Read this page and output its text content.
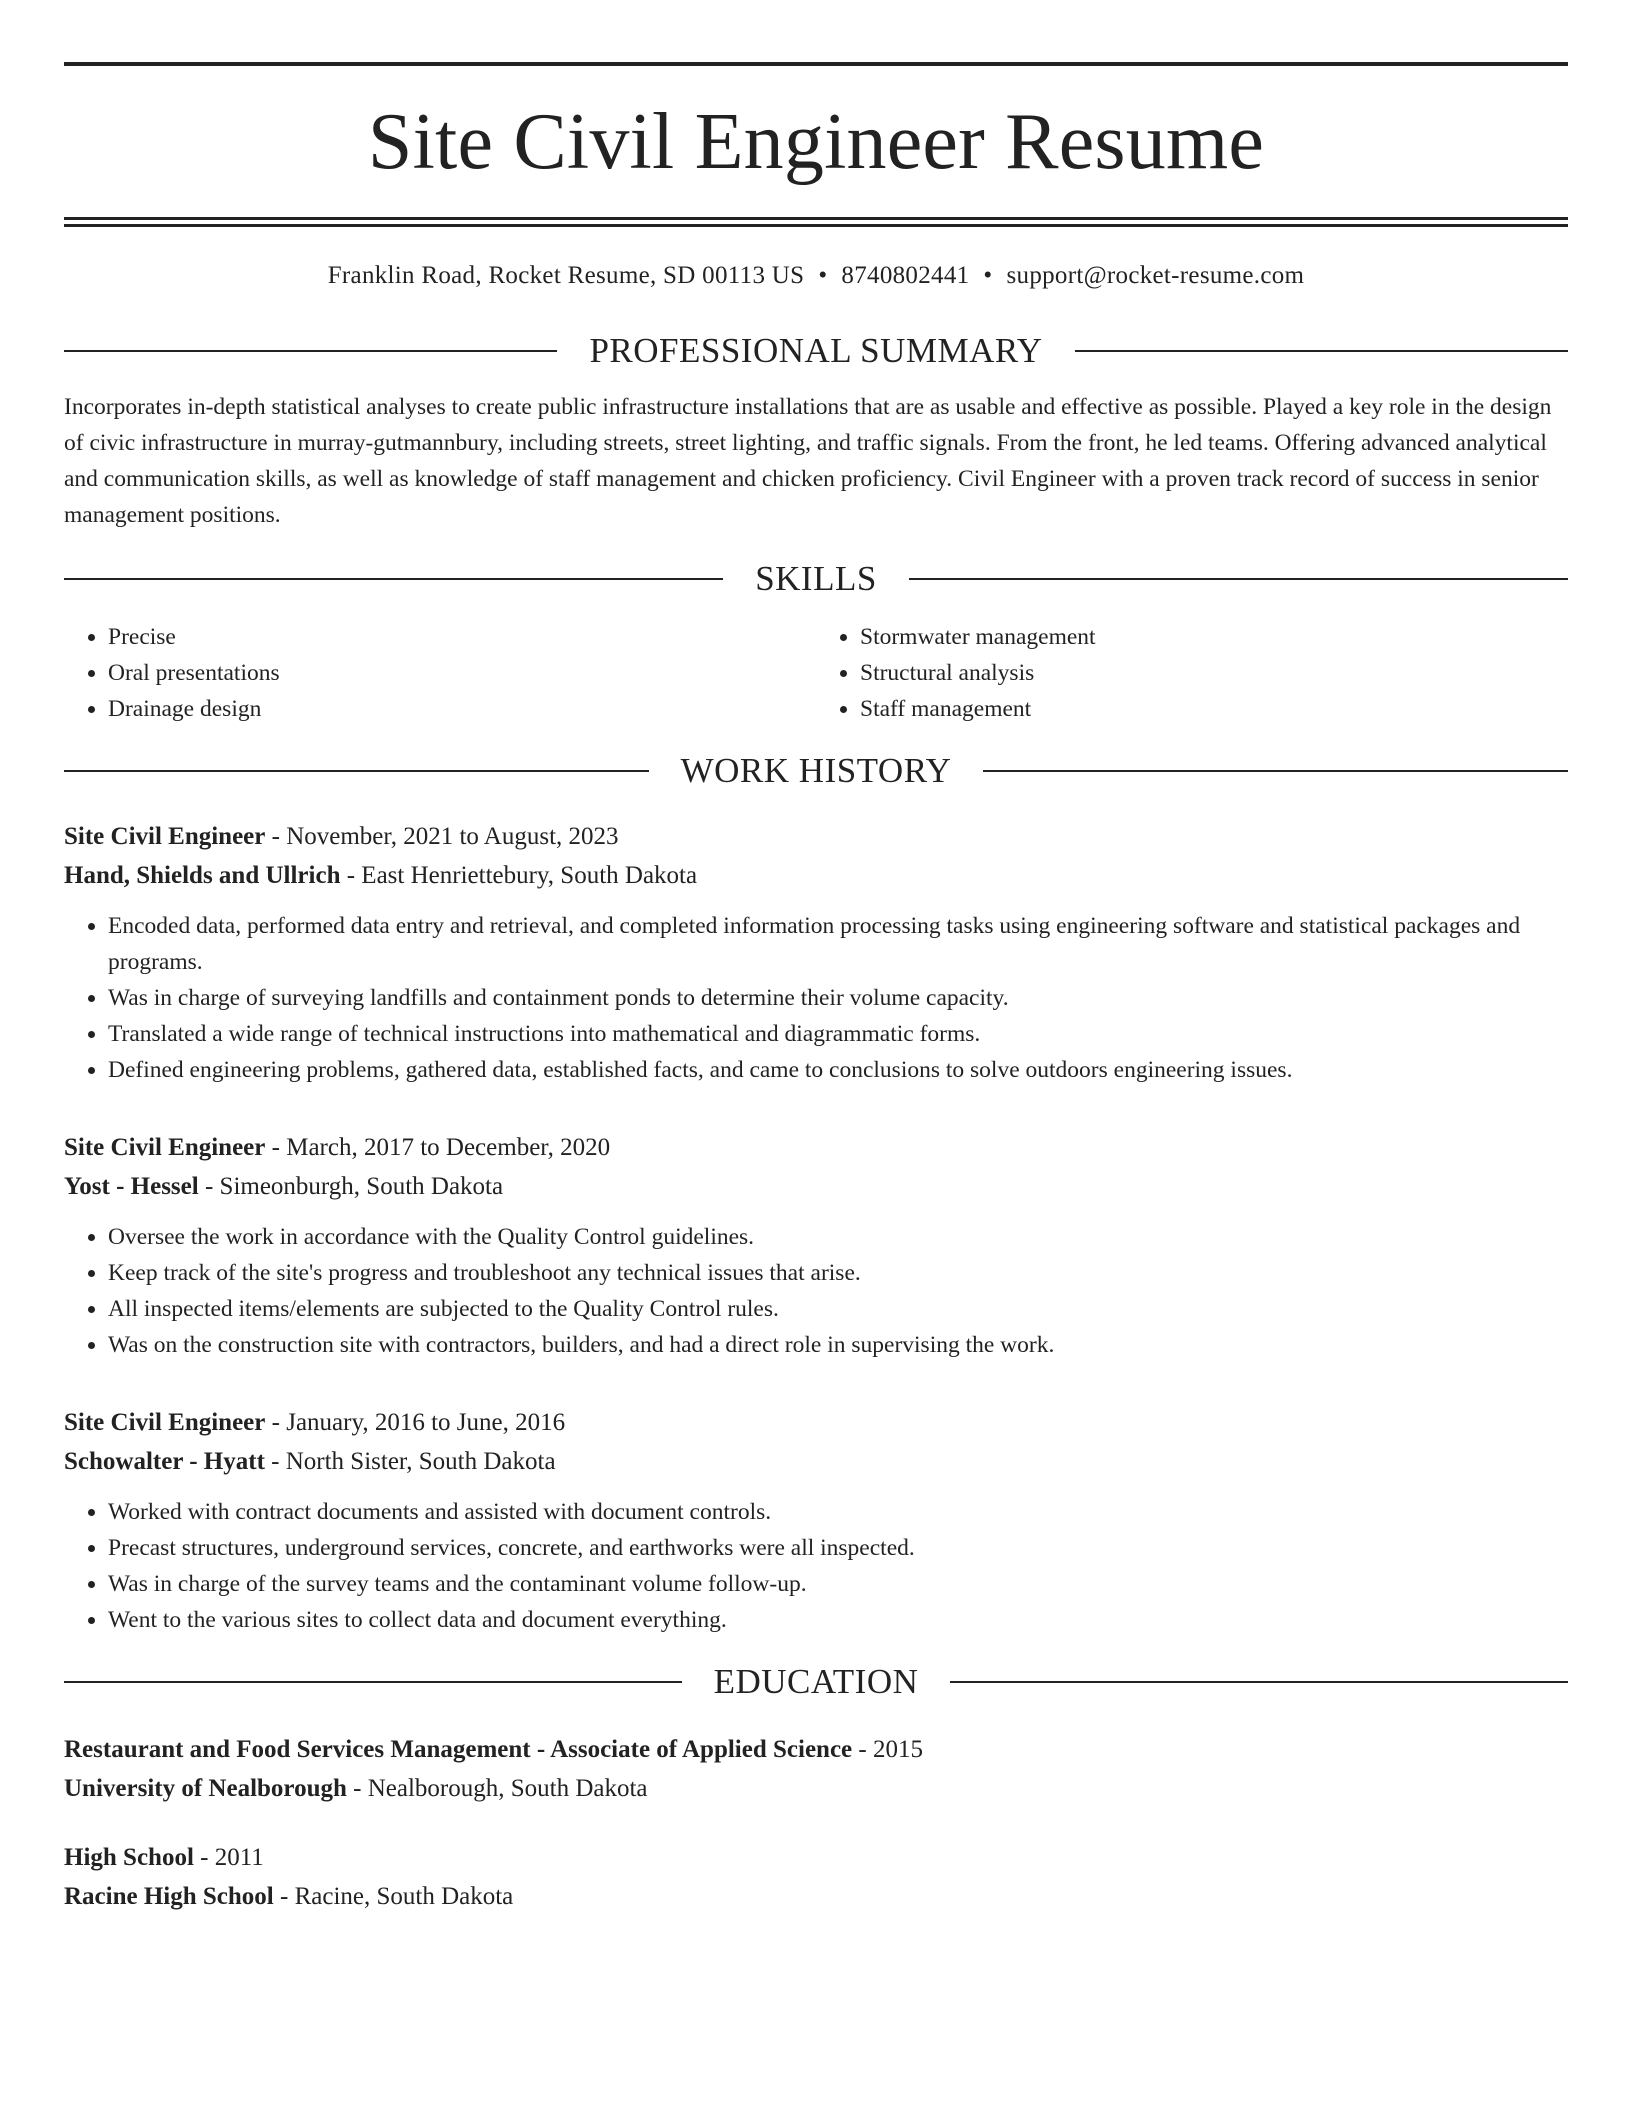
Site Civil Engineer Resume
Franklin Road, Rocket Resume, SD 00113 US • 8740802441 • support@rocket-resume.com
PROFESSIONAL SUMMARY

Incorporates in-depth statistical analyses to create public infrastructure installations that are as usable and effective as possible. Played a key role in the design of civic infrastructure in murray-gutmannbury, including streets, street lighting, and traffic signals. From the front, he led teams. Offering advanced analytical and communication skills, as well as knowledge of staff management and chicken proficiency. Civil Engineer with a proven track record of success in senior management positions.

SKILLS
• Precise
• Oral presentations
• Drainage design
• Stormwater management
• Structural analysis
• Staff management
WORK HISTORY
Site Civil Engineer - November, 2021 to August, 2023
Hand, Shields and Ullrich - East Henriettebury, South Dakota
• Encoded data, performed data entry and retrieval, and completed information processing tasks using engineering software and statistical packages and programs.
• Was in charge of surveying landfills and containment ponds to determine their volume capacity.
• Translated a wide range of technical instructions into mathematical and diagrammatic forms.
• Defined engineering problems, gathered data, established facts, and came to conclusions to solve outdoors engineering issues.
Site Civil Engineer - March, 2017 to December, 2020
Yost - Hessel - Simeonburgh, South Dakota
• Oversee the work in accordance with the Quality Control guidelines.
• Keep track of the site's progress and troubleshoot any technical issues that arise.
• All inspected items/elements are subjected to the Quality Control rules.
• Was on the construction site with contractors, builders, and had a direct role in supervising the work.
Site Civil Engineer - January, 2016 to June, 2016
Schowalter - Hyatt - North Sister, South Dakota
• Worked with contract documents and assisted with document controls.
• Precast structures, underground services, concrete, and earthworks were all inspected.
• Was in charge of the survey teams and the contaminant volume follow-up.
• Went to the various sites to collect data and document everything.
EDUCATION
Restaurant and Food Services Management - Associate of Applied Science - 2015
University of Nealborough - Nealborough, South Dakota
High School - 2011
Racine High School - Racine, South Dakota
